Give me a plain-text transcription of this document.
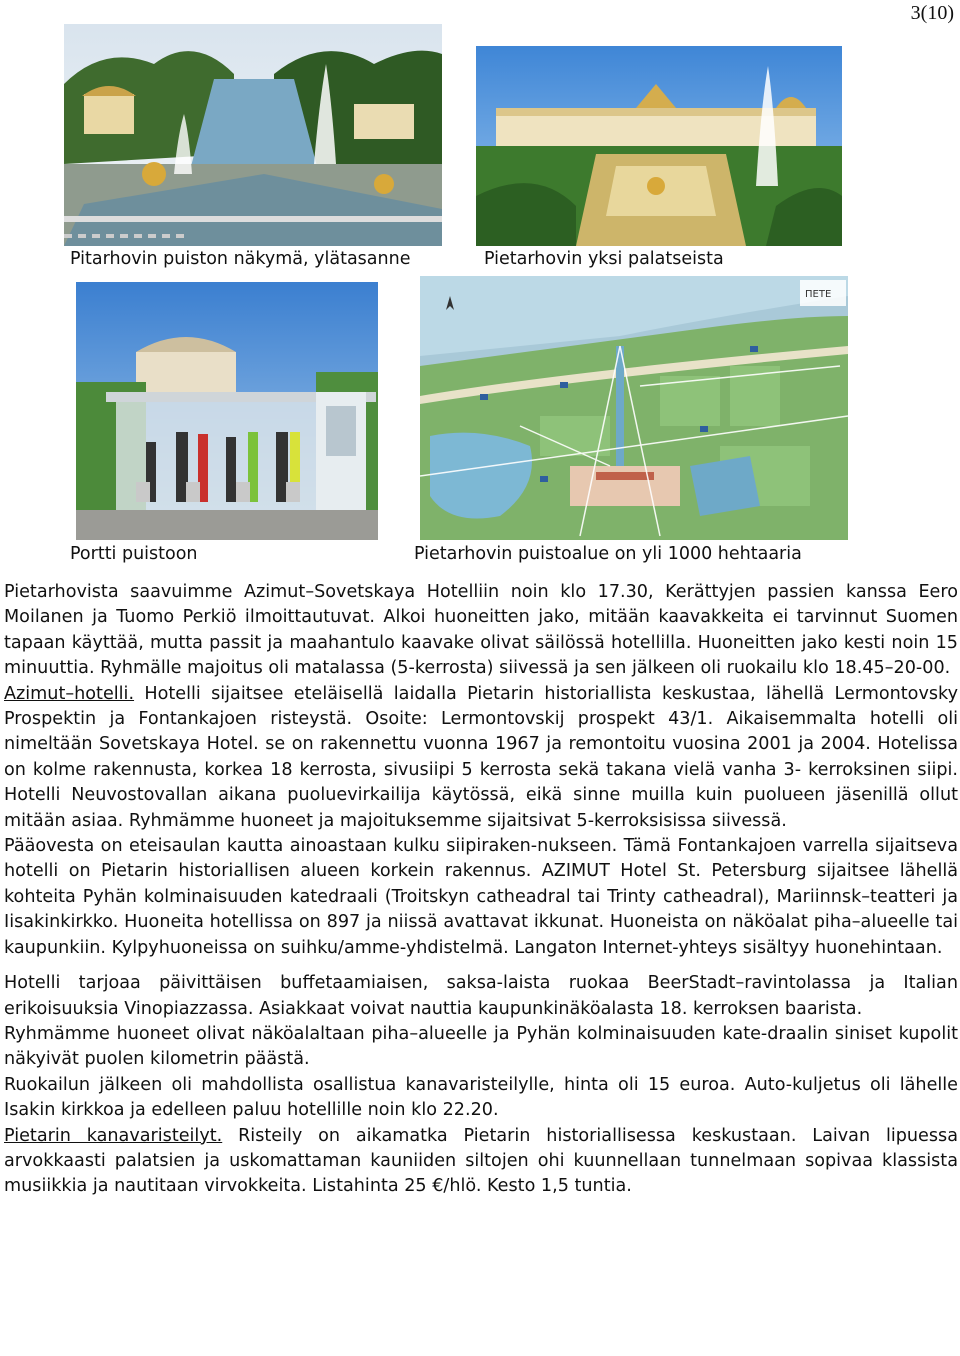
3(10)
Pitarhovin puiston näkymä, ylätasanne	Pietarhovin yksi palatseista
Portti puistoon
ПЕТЕ
Pietarhovin puistoalue on yli 1000 hehtaaria

Pietarhovista saavuimme Azimut–Sovetskaya Hotelliin noin klo 17.30, Kerättyjen passien kanssa Eero Moilanen ja Tuomo Perkiö ilmoittautuvat. Alkoi huoneitten jako, mitään kaavakkeita ei tarvinnut Suomen tapaan käyttää, mutta passit ja maahantulo kaavake olivat säilössä hotellilla. Huoneitten jako kesti noin 15 minuuttia. Ryhmälle majoitus oli matalassa (5-kerrosta) siivessä ja sen jälkeen oli ruokailu klo 18.45–20-00.

Azimut–hotelli. Hotelli sijaitsee eteläisellä laidalla Pietarin historiallista keskustaa, lähellä Lermontovsky Prospektin ja Fontankajoen risteystä. Osoite: Lermontovskij prospekt 43/1. Aikaisemmalta hotelli oli nimeltään Sovetskaya Hotel. se on rakennettu vuonna 1967 ja remontoitu vuosina 2001 ja 2004. Hotelissa on kolme rakennusta, korkea 18 kerrosta, sivusiipi 5 kerrosta sekä takana vielä vanha 3- kerroksinen siipi. Hotelli Neuvostovallan aikana puoluevirkailija käytössä, eikä sinne muilla kuin puolueen jäsenillä ollut mitään asiaa. Ryhmämme huoneet ja majoituksemme sijaitsivat 5-kerroksisissa siivessä.

Pääovesta on eteisaulan kautta ainoastaan kulku siipiraken-nukseen. Tämä Fontankajoen varrella sijaitseva hotelli on Pietarin historiallisen alueen korkein rakennus. AZIMUT Hotel St. Petersburg sijaitsee lähellä kohteita Pyhän kolminaisuuden katedraali (Troitskyn catheadral tai Trinty catheadral), Mariinnsk–teatteri ja Iisakinkirkko. Huoneita hotellissa on 897 ja niissä avattavat ikkunat. Huoneista on näköalat piha–alueelle tai kaupunkiin. Kylpyhuoneissa on suihku/amme-yhdistelmä. Langaton Internet-yhteys sisältyy huonehintaan.

Hotelli tarjoaa päivittäisen buffetaamiaisen, saksa-laista ruokaa BeerStadt–ravintolassa ja Italian erikoisuuksia Vinopiazzassa. Asiakkaat voivat nauttia kaupunkinäköalasta 18. kerroksen baarista.

Ryhmämme huoneet olivat näköalaltaan piha–alueelle ja Pyhän kolminaisuuden kate-draalin siniset kupolit näkyivät puolen kilometrin päästä.

Ruokailun jälkeen oli mahdollista osallistua kanavaristeilylle, hinta oli 15 euroa. Auto-kuljetus oli lähelle Isakin kirkkoa ja edelleen paluu hotellille noin klo 22.20.

Pietarin kanavaristeilyt. Risteily on aikamatka Pietarin historiallisessa keskustaan. Laivan lipuessa arvokkaasti palatsien ja uskomattaman kauniiden siltojen ohi kuunnellaan tunnelmaan sopivaa klassista musiikkia ja nautitaan virvokkeita. Listahinta 25 €/hlö. Kesto 1,5 tuntia.
